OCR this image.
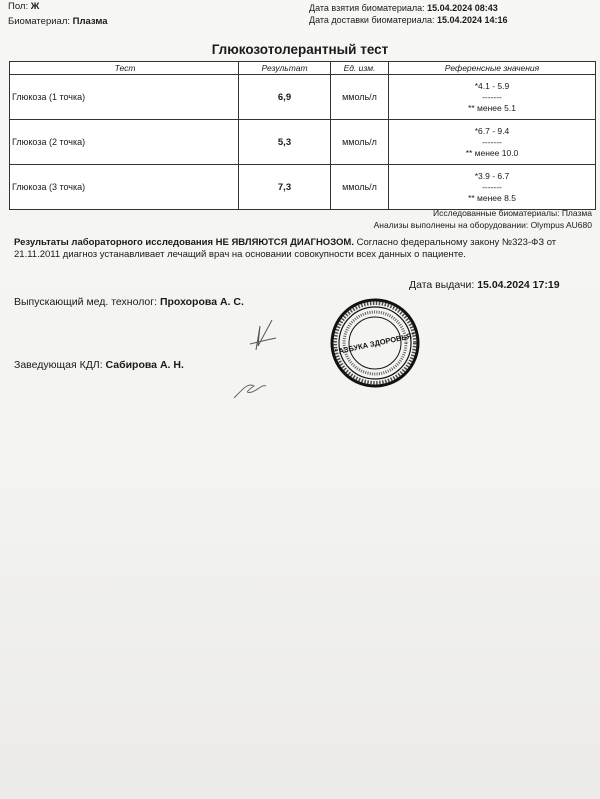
Пол: Ж
Биоматериал: Плазма
Дата взятия биоматериала: 15.04.2024 08:43
Дата доставки биоматериала: 15.04.2024 14:16
Глюкозотолерантный тест
Тест	Результат	Ед. изм.	Референсные значения
Глюкоза (1 точка)	6,9	ммоль/л	*4.1 - 5.9
-------
** менее 5.1

Глюкоза (2 точка)	5,3	ммоль/л	*6.7 - 9.4
-------
** менее 10.0

Глюкоза (3 точка)	7,3	ммоль/л	*3.9 - 6.7
-------
** менее 8.5
Исследованные биоматериалы: Плазма
Анализы выполнены на оборудовании: Olympus AU680
Результаты лабораторного исследования НЕ ЯВЛЯЮТСЯ ДИАГНОЗОМ. Согласно федеральному закону №323-ФЗ от 21.11.2011 диагноз устанавливает лечащий врач на основании совокупности всех данных о пациенте.
Дата выдачи: 15.04.2024 17:19
Выпускающий мед. технолог: Прохорова А. С.
Заведующая КДЛ: Сабирова А. Н.
"АЗБУКА ЗДОРОВЬЯ"
